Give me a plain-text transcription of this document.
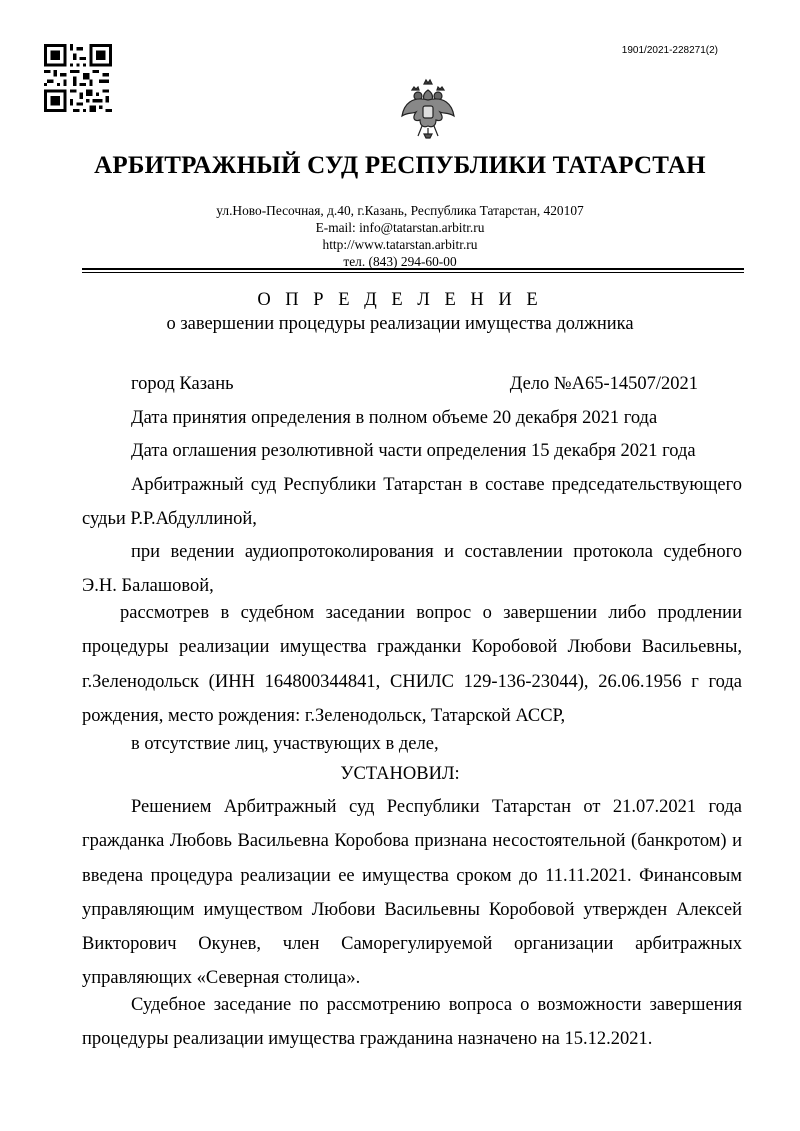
1901/2021-228271(2)
АРБИТРАЖНЫЙ СУД РЕСПУБЛИКИ ТАТАРСТАН
ул.Ново-Песочная, д.40, г.Казань, Республика Татарстан, 420107
E-mail: info@tatarstan.arbitr.ru
http://www.tatarstan.arbitr.ru
тел. (843) 294-60-00
О П Р Е Д Е Л Е Н И Е
о завершении процедуры реализации имущества должника
город Казань	Дело №А65-14507/2021
Дата принятия определения в полном объеме 20 декабря 2021 года
Дата оглашения резолютивной части определения 15 декабря 2021 года
Арбитражный суд Республики Татарстан в составе председательствующего судьи Р.Р.Абдуллиной,
при ведении аудиопротоколирования и составлении протокола судебного Э.Н. Балашовой,
рассмотрев в судебном заседании вопрос о завершении либо продлении процедуры реализации имущества гражданки Коробовой Любови Васильевны, г.Зеленодольск (ИНН 164800344841, СНИЛС 129-136-23044), 26.06.1956 г года рождения, место рождения: г.Зеленодольск, Татарской АССР,
в отсутствие лиц, участвующих в деле,
УСТАНОВИЛ:
Решением Арбитражный суд Республики Татарстан от 21.07.2021 года гражданка Любовь Васильевна Коробова признана несостоятельной (банкротом) и введена процедура реализации ее имущества сроком до 11.11.2021. Финансовым управляющим имуществом Любови Васильевны Коробовой утвержден Алексей Викторович Окунев, член Саморегулируемой организации арбитражных управляющих «Северная столица».
Судебное заседание по рассмотрению вопроса о возможности завершения процедуры реализации имущества гражданина назначено на 15.12.2021.
